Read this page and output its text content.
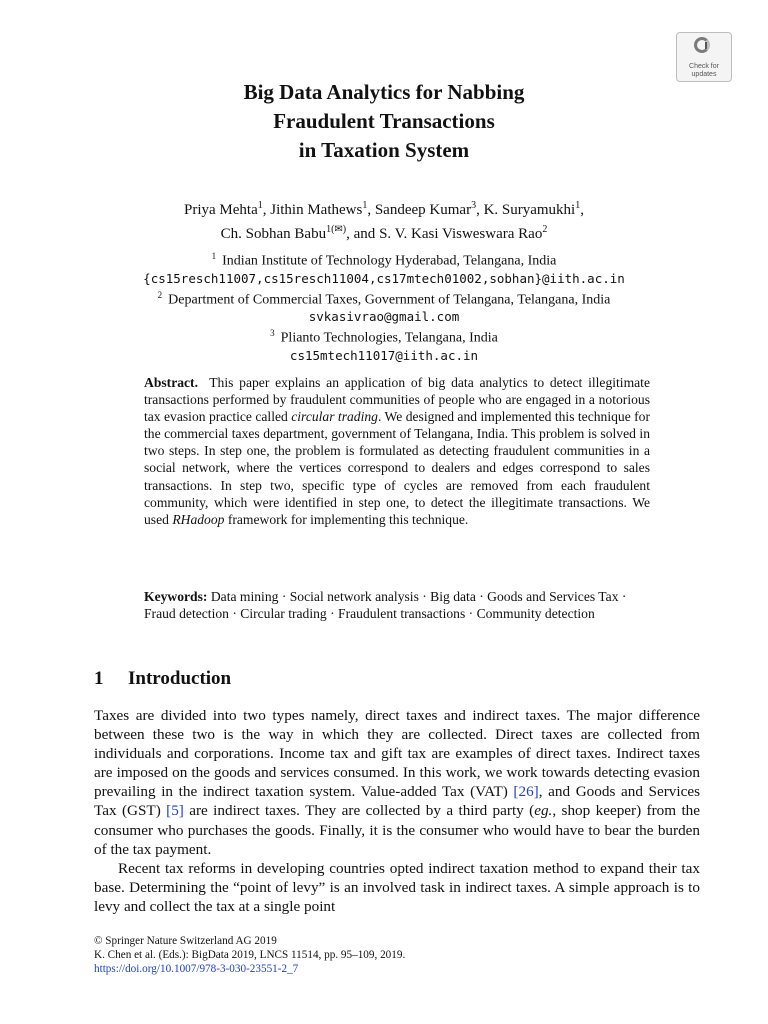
Check for
updates
Big Data Analytics for Nabbing
Fraudulent Transactions
in Taxation System
Priya Mehta$^1$, Jithin Mathews$^1$, Sandeep Kumar$^3$, K. Suryamukhi$^1$,
Ch. Sobhan Babu$^{1(✉)}$, and S. V. Kasi Visweswara Rao$^2$
$^1$ Indian Institute of Technology Hyderabad, Telangana, India
{cs15resch11007,cs15resch11004,cs17mtech01002,sobhan}@iith.ac.in
$^2$ Department of Commercial Taxes, Government of Telangana, Telangana, India
svkasivrao@gmail.com
$^3$ Plianto Technologies, Telangana, India
cs15mtech11017@iith.ac.in
Abstract. This paper explains an application of big data analytics to detect illegitimate transactions performed by fraudulent communities of people who are engaged in a notorious tax evasion practice called circular trading. We designed and implemented this technique for the commercial taxes department, government of Telangana, India. This problem is solved in two steps. In step one, the problem is formulated as detecting fraudulent communities in a social network, where the vertices correspond to dealers and edges correspond to sales transactions. In step two, specific type of cycles are removed from each fraudulent community, which were identified in step one, to detect the illegitimate transactions. We used RHadoop framework for implementing this technique.
Keywords: Data mining · Social network analysis · Big data · Goods and Services Tax · Fraud detection · Circular trading · Fraudulent transactions · Community detection
1 Introduction

Taxes are divided into two types namely, direct taxes and indirect taxes. The major difference between these two is the way in which they are collected. Direct taxes are collected from individuals and corporations. Income tax and gift tax are examples of direct taxes. Indirect taxes are imposed on the goods and services consumed. In this work, we work towards detecting evasion prevailing in the indirect taxation system. Value-added Tax (VAT) [26], and Goods and Services Tax (GST) [5] are indirect taxes. They are collected by a third party (eg., shop keeper) from the consumer who purchases the goods. Finally, it is the consumer who would have to bear the burden of the tax payment.

Recent tax reforms in developing countries opted indirect taxation method to expand their tax base. Determining the “point of levy” is an involved task in indirect taxes. A simple approach is to levy and collect the tax at a single point

© Springer Nature Switzerland AG 2019
K. Chen et al. (Eds.): BigData 2019, LNCS 11514, pp. 95–109, 2019.
https://doi.org/10.1007/978-3-030-23551-2_7
